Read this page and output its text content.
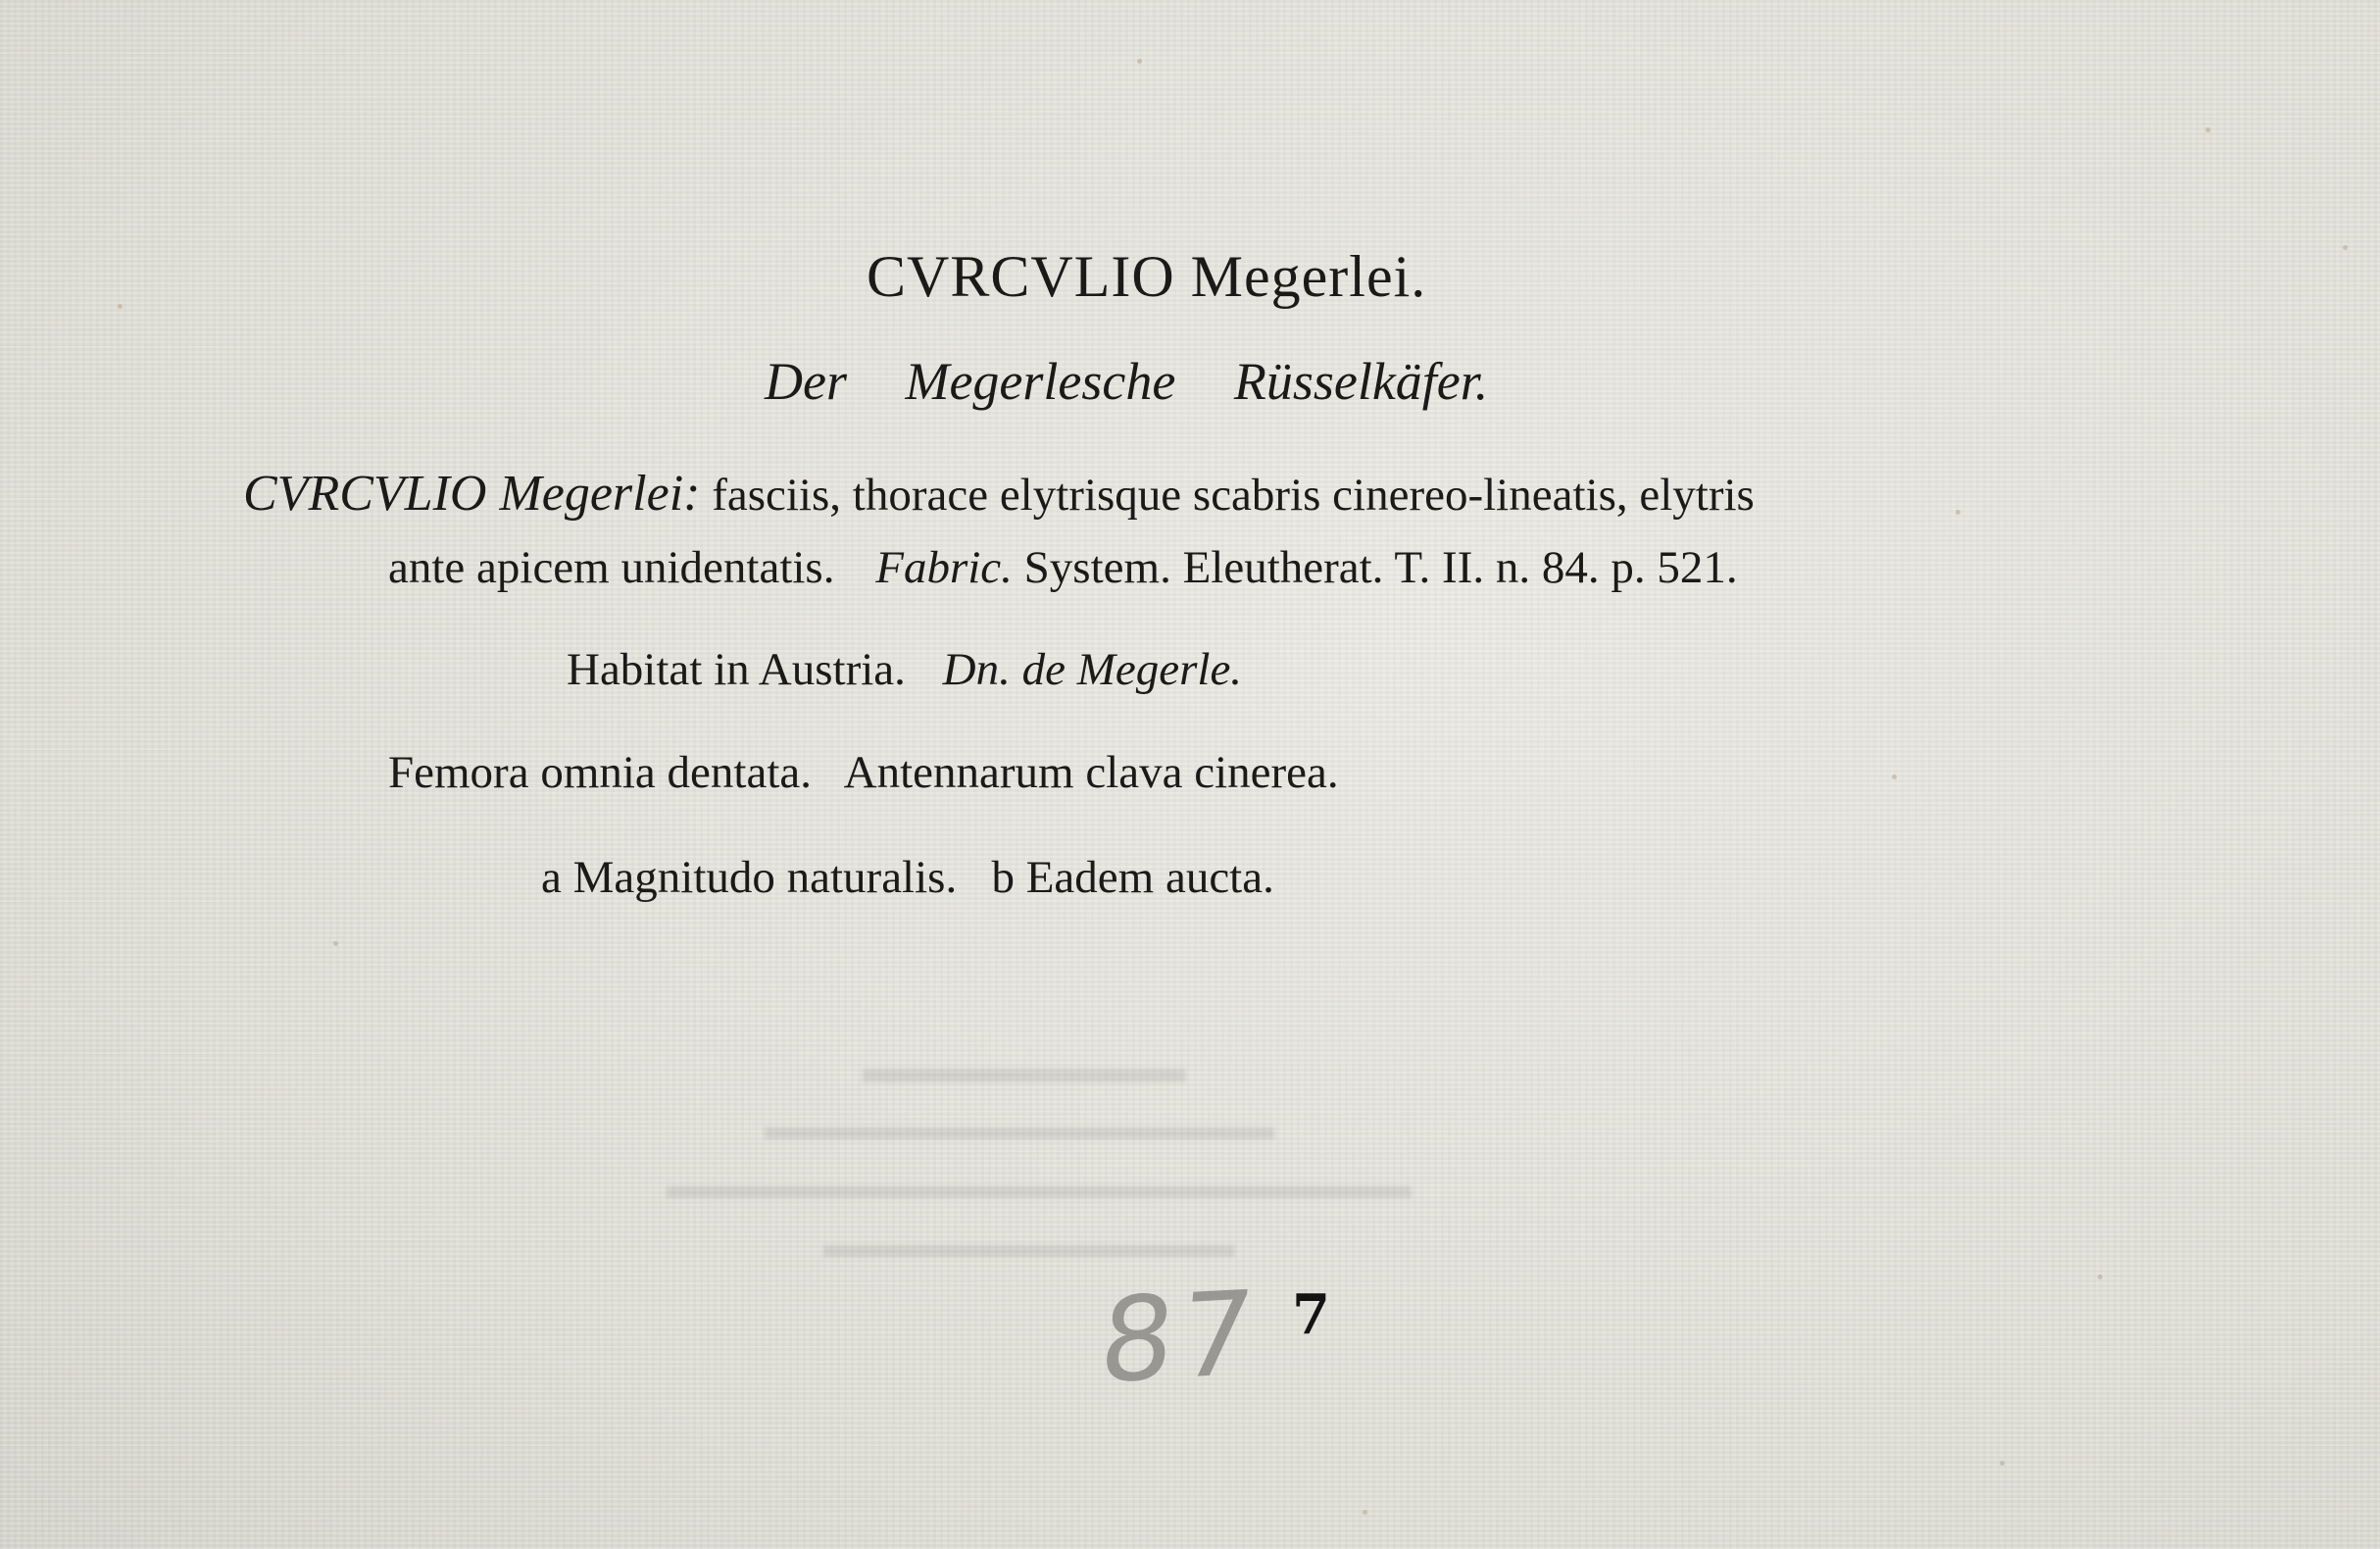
CVRCVLIO Megerlei.
Der Megerlesche Rüsselkäfer.
CVRCVLIO Megerlei: fasciis, thorace elytrisque scabris cinereo-lineatis, elytris
ante apicem unidentatis. Fabric. System. Eleutherat. T. II. n. 84. p. 521.
Habitat in Austria. Dn. de Megerle.
Femora omnia dentata.   Antennarum clava cinerea.
a Magnitudo naturalis.   b Eadem aucta.
87 7
